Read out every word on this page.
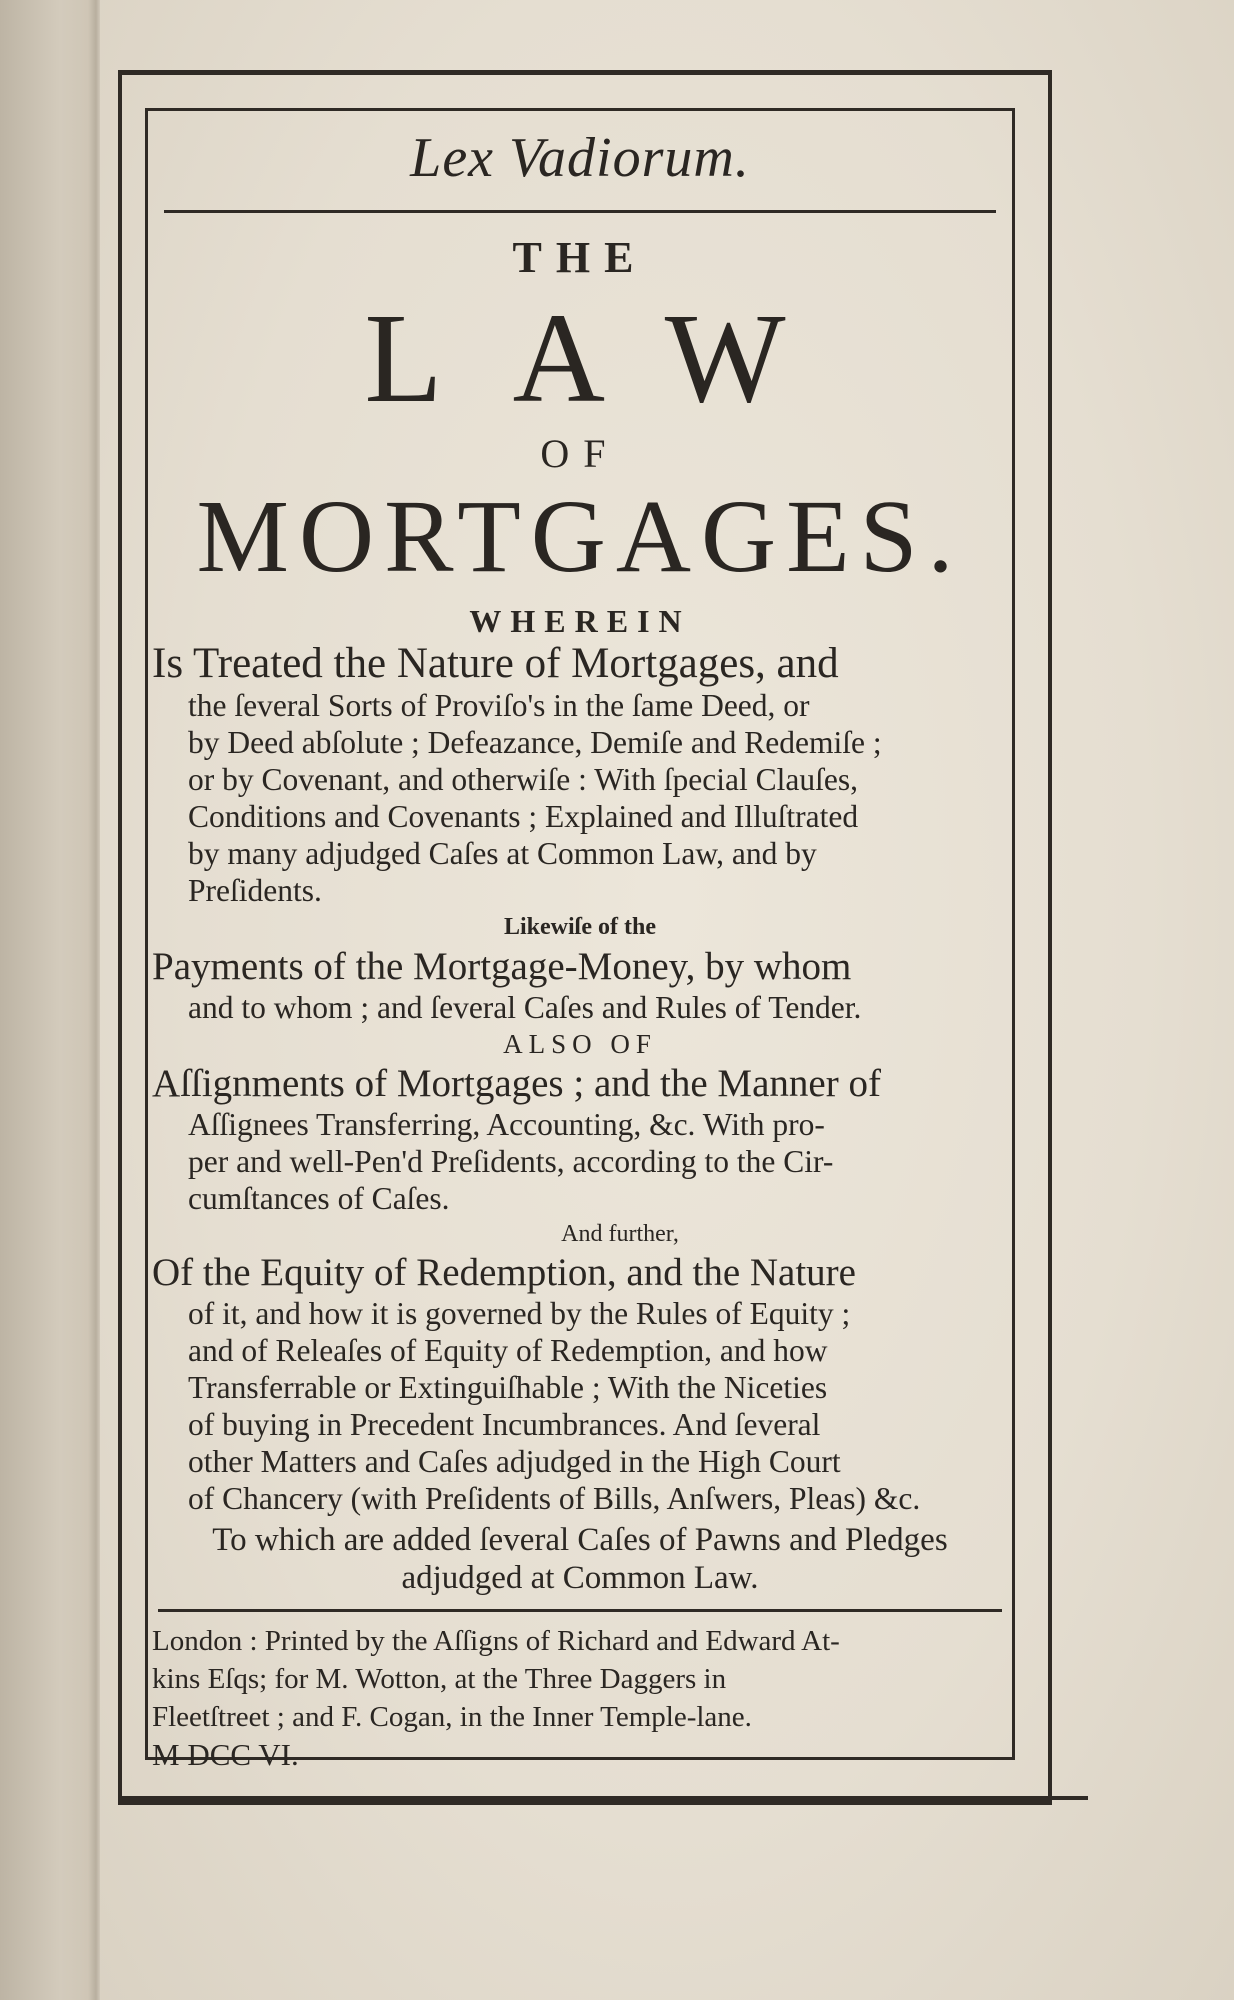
Lex Vadiorum.
THE
LAW
OF
MORTGAGES.
WHEREIN
Is Treated the Nature of Mortgages, and
the ſeveral Sorts of Proviſo's in the ſame Deed, or
by Deed abſolute ; Defeazance, Demiſe and Redemiſe ;
or by Covenant, and otherwiſe : With ſpecial Clauſes,
Conditions and Covenants ; Explained and Illuſtrated
by many adjudged Caſes at Common Law, and by
Preſidents.
Likewiſe of the
Payments of the Mortgage-Money, by whom
and to whom ; and ſeveral Caſes and Rules of Tender.
ALSO OF
Aſſignments of Mortgages ; and the Manner of
Aſſignees Transferring, Accounting, &c. With pro-
per and well-Pen'd Preſidents, according to the Cir-
cumſtances of Caſes.
And further,
Of the Equity of Redemption, and the Nature
of it, and how it is governed by the Rules of Equity ;
and of Releaſes of Equity of Redemption, and how
Transferrable or Extinguiſhable ; With the Niceties
of buying in Precedent Incumbrances. And ſeveral
other Matters and Caſes adjudged in the High Court
of Chancery (with Preſidents of Bills, Anſwers, Pleas) &c.
To which are added ſeveral Caſes of Pawns and Pledges
adjudged at Common Law.
London : Printed by the Aſſigns of Richard and Edward At-
kins Eſqs; for M. Wotton, at the Three Daggers in
Fleetſtreet ; and F. Cogan, in the Inner Temple-lane.
M DCC VI.
